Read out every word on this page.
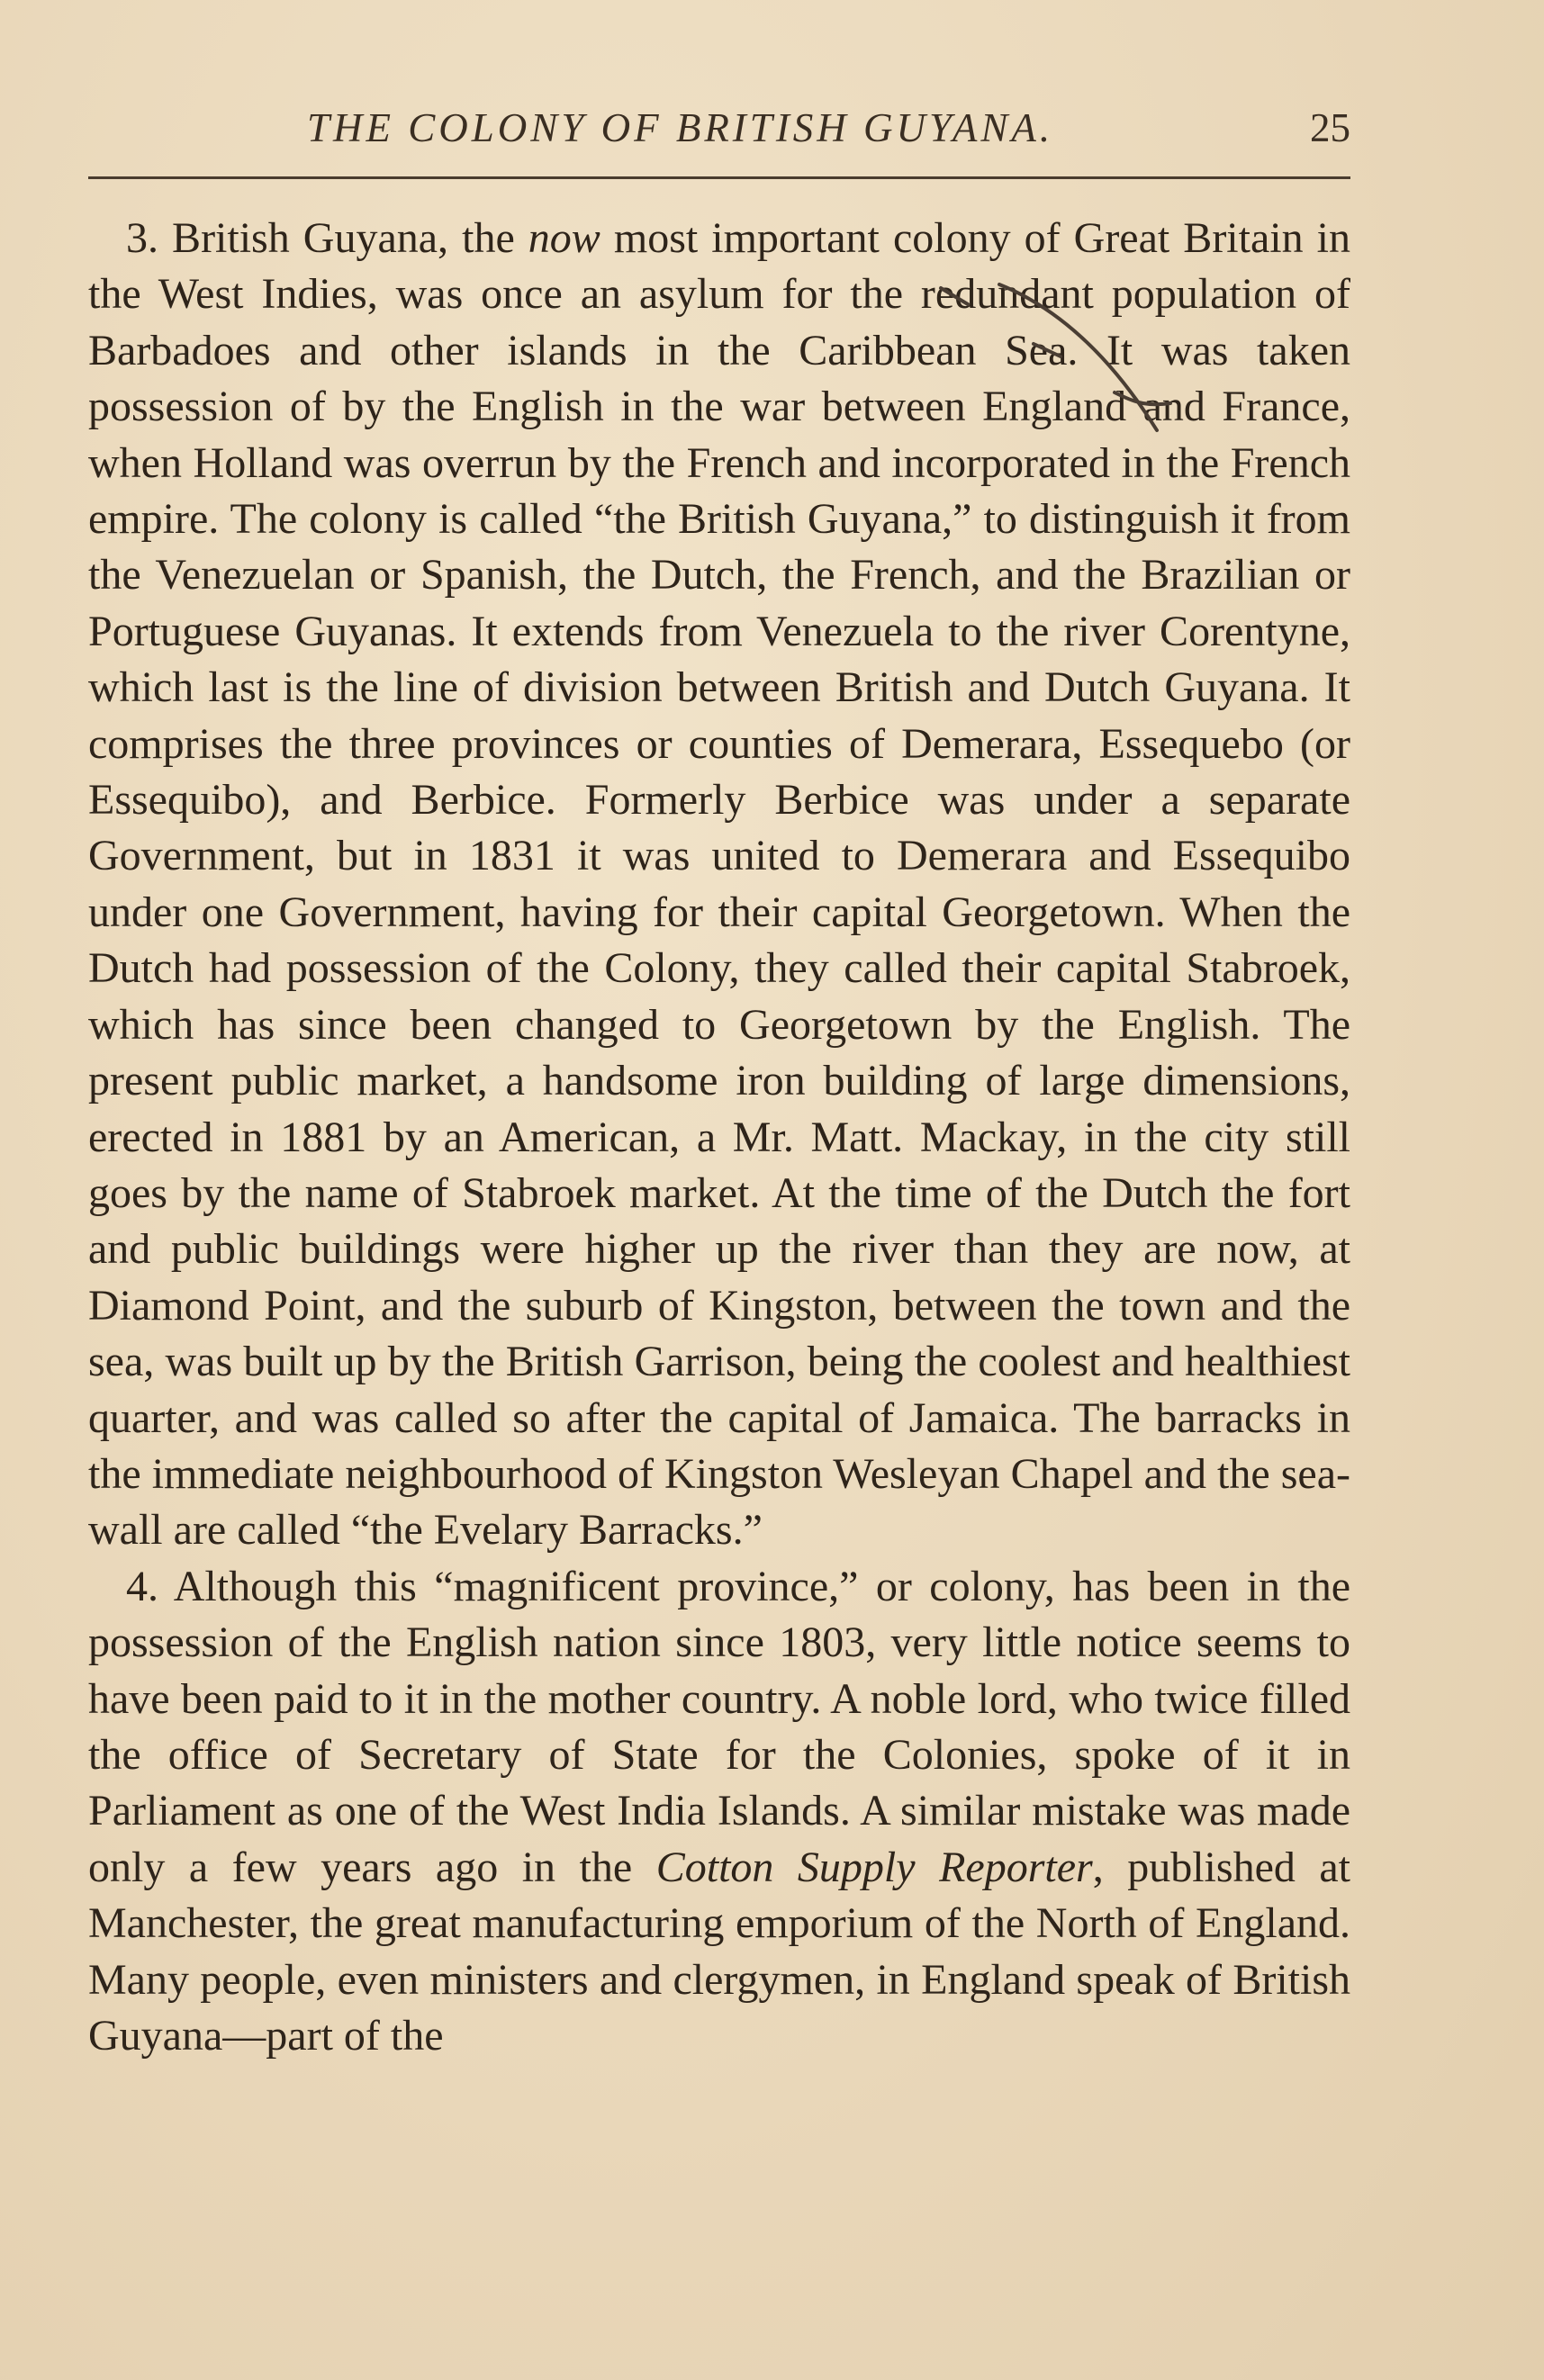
THE COLONY OF BRITISH GUYANA.	25

3. British Guyana, the now most important colony of Great Britain in the West Indies, was once an asylum for the redundant population of Barbadoes and other islands in the Caribbean Sea. It was taken possession of by the English in the war between England and France, when Holland was overrun by the French and incorporated in the French empire. The colony is called “the British Guyana,” to distinguish it from the Venezuelan or Spanish, the Dutch, the French, and the Brazilian or Portuguese Guyanas. It extends from Venezuela to the river Corentyne, which last is the line of division between British and Dutch Guyana. It comprises the three provinces or counties of Demerara, Essequebo (or Essequibo), and Berbice. Formerly Berbice was under a separate Government, but in 1831 it was united to Demerara and Essequibo under one Government, having for their capital Georgetown. When the Dutch had possession of the Colony, they called their capital Stabroek, which has since been changed to Georgetown by the English. The present public market, a handsome iron building of large dimensions, erected in 1881 by an American, a Mr. Matt. Mackay, in the city still goes by the name of Stabroek market. At the time of the Dutch the fort and public buildings were higher up the river than they are now, at Diamond Point, and the suburb of Kingston, between the town and the sea, was built up by the British Garrison, being the coolest and healthiest quarter, and was called so after the capital of Jamaica. The barracks in the immediate neighbourhood of Kingston Wesleyan Chapel and the sea-wall are called “the Evelary Barracks.”

4. Although this “magnificent province,” or colony, has been in the possession of the English nation since 1803, very little notice seems to have been paid to it in the mother country. A noble lord, who twice filled the office of Secretary of State for the Colonies, spoke of it in Parliament as one of the West India Islands. A similar mistake was made only a few years ago in the Cotton Supply Reporter, published at Manchester, the great manufacturing emporium of the North of England. Many people, even ministers and clergymen, in England speak of British Guyana—part of the
